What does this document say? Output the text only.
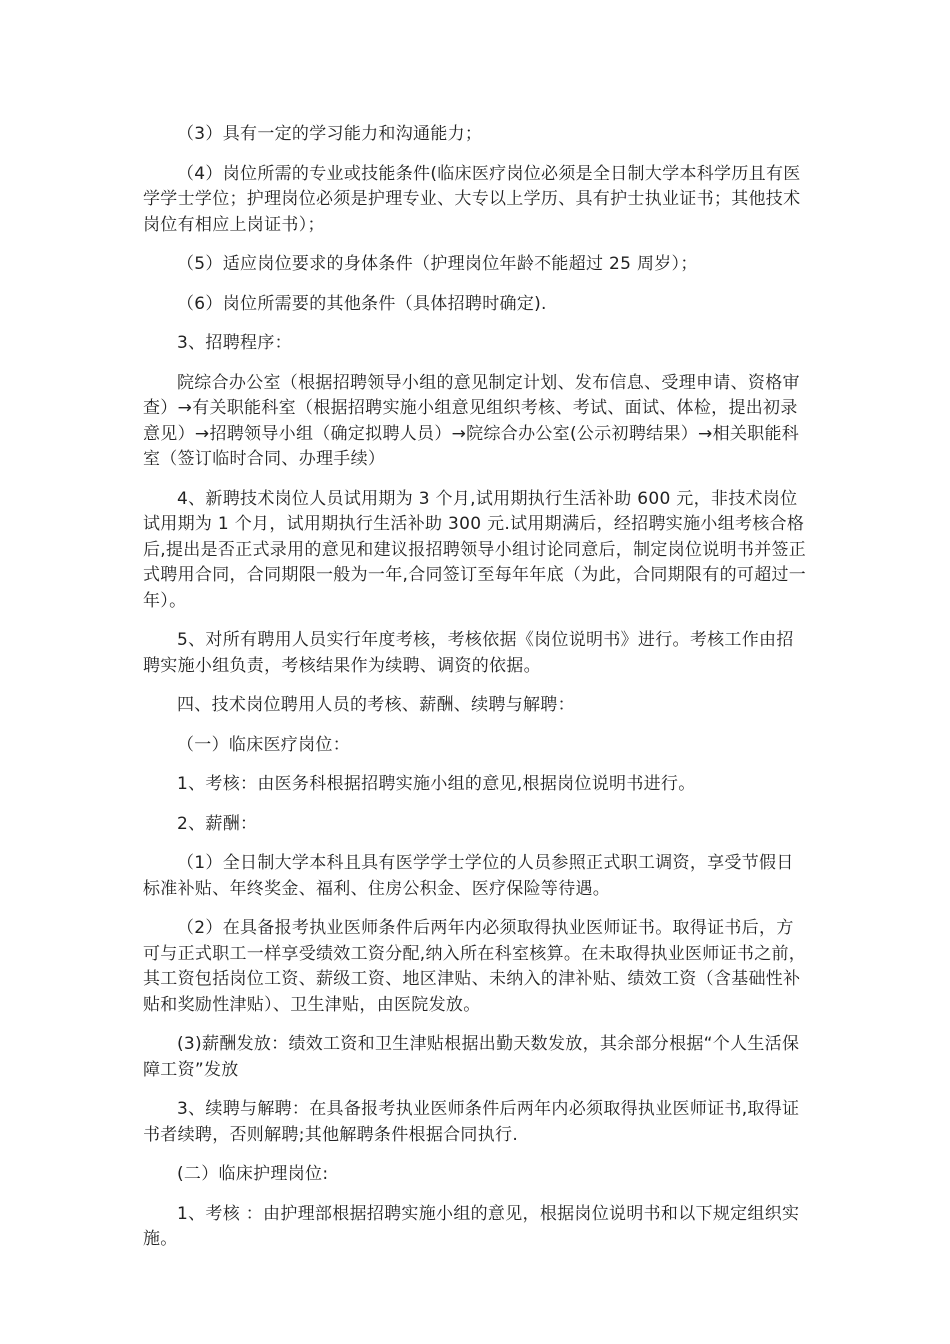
（3）具有一定的学习能力和沟通能力；

（4）岗位所需的专业或技能条件(临床医疗岗位必须是全日制大学本科学历且有医学学士学位；护理岗位必须是护理专业、大专以上学历、具有护士执业证书；其他技术岗位有相应上岗证书）；

（5）适应岗位要求的身体条件（护理岗位年龄不能超过 25 周岁）；

（6）岗位所需要的其他条件（具体招聘时确定).

3、招聘程序：

院综合办公室（根据招聘领导小组的意见制定计划、发布信息、受理申请、资格审查）→有关职能科室（根据招聘实施小组意见组织考核、考试、面试、体检，提出初录意见）→招聘领导小组（确定拟聘人员）→院综合办公室(公示初聘结果）→相关职能科室（签订临时合同、办理手续）

4、新聘技术岗位人员试用期为 3 个月,试用期执行生活补助 600 元，非技术岗位试用期为 1 个月，试用期执行生活补助 300 元.试用期满后，经招聘实施小组考核合格后,提出是否正式录用的意见和建议报招聘领导小组讨论同意后，制定岗位说明书并签正式聘用合同，合同期限一般为一年,合同签订至每年年底（为此，合同期限有的可超过一年）。

5、对所有聘用人员实行年度考核，考核依据《岗位说明书》进行。考核工作由招聘实施小组负责，考核结果作为续聘、调资的依据。

四、技术岗位聘用人员的考核、薪酬、续聘与解聘：

（一）临床医疗岗位：

1、考核：由医务科根据招聘实施小组的意见,根据岗位说明书进行。

2、薪酬：

（1）全日制大学本科且具有医学学士学位的人员参照正式职工调资，享受节假日标准补贴、年终奖金、福利、住房公积金、医疗保险等待遇。

（2）在具备报考执业医师条件后两年内必须取得执业医师证书。取得证书后，方可与正式职工一样享受绩效工资分配,纳入所在科室核算。在未取得执业医师证书之前，其工资包括岗位工资、薪级工资、地区津贴、未纳入的津补贴、绩效工资（含基础性补贴和奖励性津贴）、卫生津贴，由医院发放。

(3)薪酬发放：绩效工资和卫生津贴根据出勤天数发放，其余部分根据“个人生活保障工资”发放

3、续聘与解聘：在具备报考执业医师条件后两年内必须取得执业医师证书,取得证书者续聘，否则解聘;其他解聘条件根据合同执行.

(二）临床护理岗位:

1、考核 ：由护理部根据招聘实施小组的意见，根据岗位说明书和以下规定组织实施。
